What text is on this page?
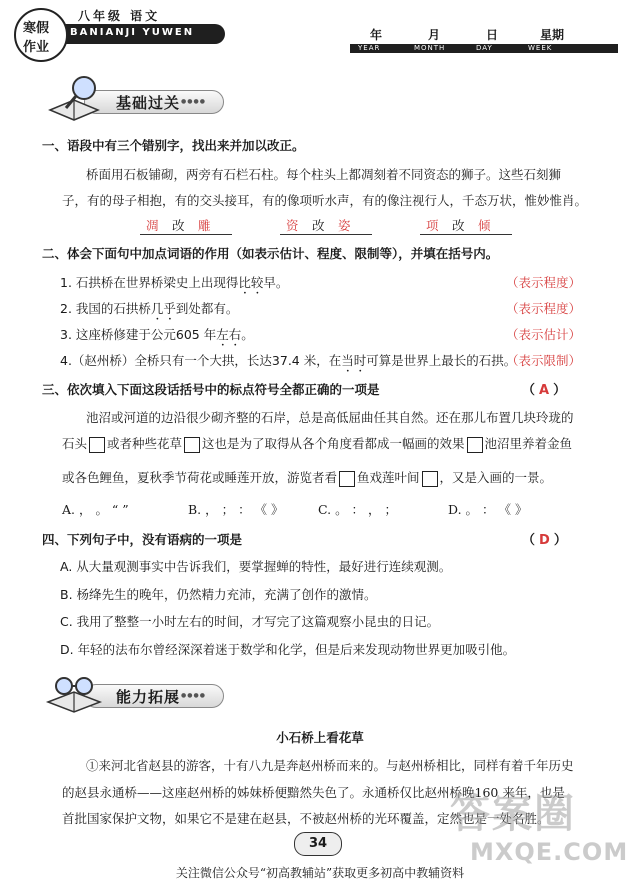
寒假
作业
八年级 语文
BANIANJI YUWEN	年	月	日	星期
YEAR	MONTH	DAY	WEEK
基础过关 ●●●●
一、语段中有三个错别字，找出来并加以改正。
桥面用石板铺砌，两旁有石栏石柱。每个柱头上都凋刻着不同资态的狮子。这些石刻狮
子，有的母子相抱，有的交头接耳，有的像项听水声，有的像注视行人，千态万状，惟妙惟肖。
凋 改 雕	资 改 姿	项 改 倾
二、体会下面句中加点词语的作用（如表示估计、程度、限制等），并填在括号内。
1. 石拱桥在世界桥梁史上出现得比较早。	（表示程度）
2. 我国的石拱桥几乎到处都有。	（表示程度）
3. 这座桥修建于公元605 年左右。	（表示估计）
4.（赵州桥）全桥只有一个大拱，长达37.4 米，在当时可算是世界上最长的石拱。
（表示限制）
三、依次填入下面这段话括号中的标点符号全都正确的一项是	（ A ）
池沼或河道的边沿很少砌齐整的石岸，总是高低屈曲任其自然。还在那儿布置几块玲珑的
石头 或者种些花草 这也是为了取得从各个角度看都成一幅画的效果 池沼里养着金鱼
或各色鲤鱼，夏秋季节荷花或睡莲开放，游览者看 鱼戏莲叶间 ，又是入画的一景。
A. ， 。 “ ”	B. ， ； ： 《 》	C. 。 ： ， ；	D. 。 ： 《 》
四、下列句子中，没有语病的一项是	（ D ）
A. 从大量观测事实中告诉我们，要掌握蝉的特性，最好进行连续观测。
B. 杨绛先生的晚年，仍然精力充沛，充满了创作的激情。
C. 我用了整整一小时左右的时间，才写完了这篇观察小昆虫的日记。
D. 年轻的法布尔曾经深深着迷于数学和化学，但是后来发现动物世界更加吸引他。
能力拓展 ●●●●
小石桥上看花草
①来河北省赵县的游客，十有八九是奔赵州桥而来的。与赵州桥相比，同样有着千年历史
的赵县永通桥——这座赵州桥的姊妹桥便黯然失色了。永通桥仅比赵州桥晚160 来年，也是
首批国家保护文物，如果它不是建在赵县，不被赵州桥的光环覆盖，定然也是一处名胜。
答案圈
MXQE.COM
34
关注微信公众号“初高教辅站”获取更多初高中教辅资料
